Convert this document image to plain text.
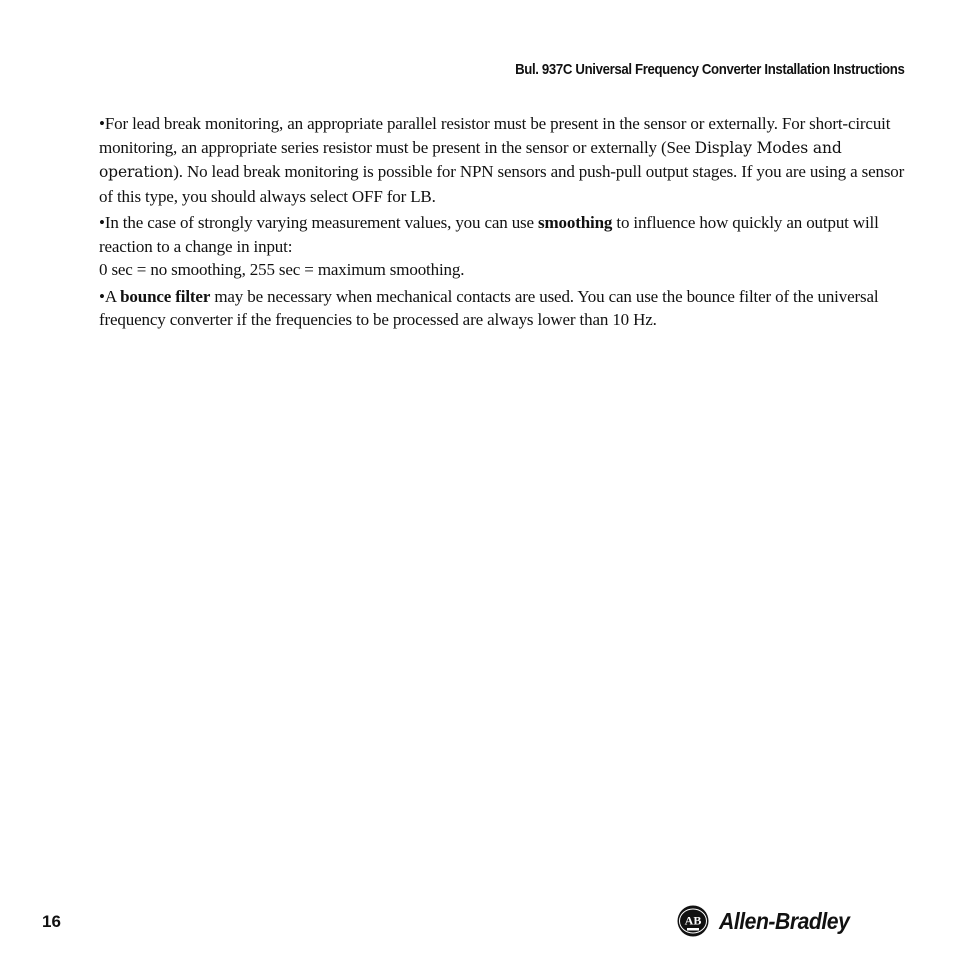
Bul. 937C Universal Frequency Converter Installation Instructions

•For lead break monitoring, an appropriate parallel resistor must be present in the sensor or externally. For short-circuit monitoring, an appropriate series resistor must be present in the sensor or externally (See Display Modes and operation). No lead break monitoring is possible for NPN sensors and push-pull output stages. If you are using a sensor of this type, you should always select OFF for LB.

•In the case of strongly varying measurement values, you can use smoothing to influence how quickly an output will reaction to a change in input:
0 sec = no smoothing, 255 sec = maximum smoothing.

•A bounce filter may be necessary when mechanical contacts are used. You can use the bounce filter of the universal frequency converter if the frequencies to be processed are always lower than 10 Hz.

16	AB Allen-Bradley
